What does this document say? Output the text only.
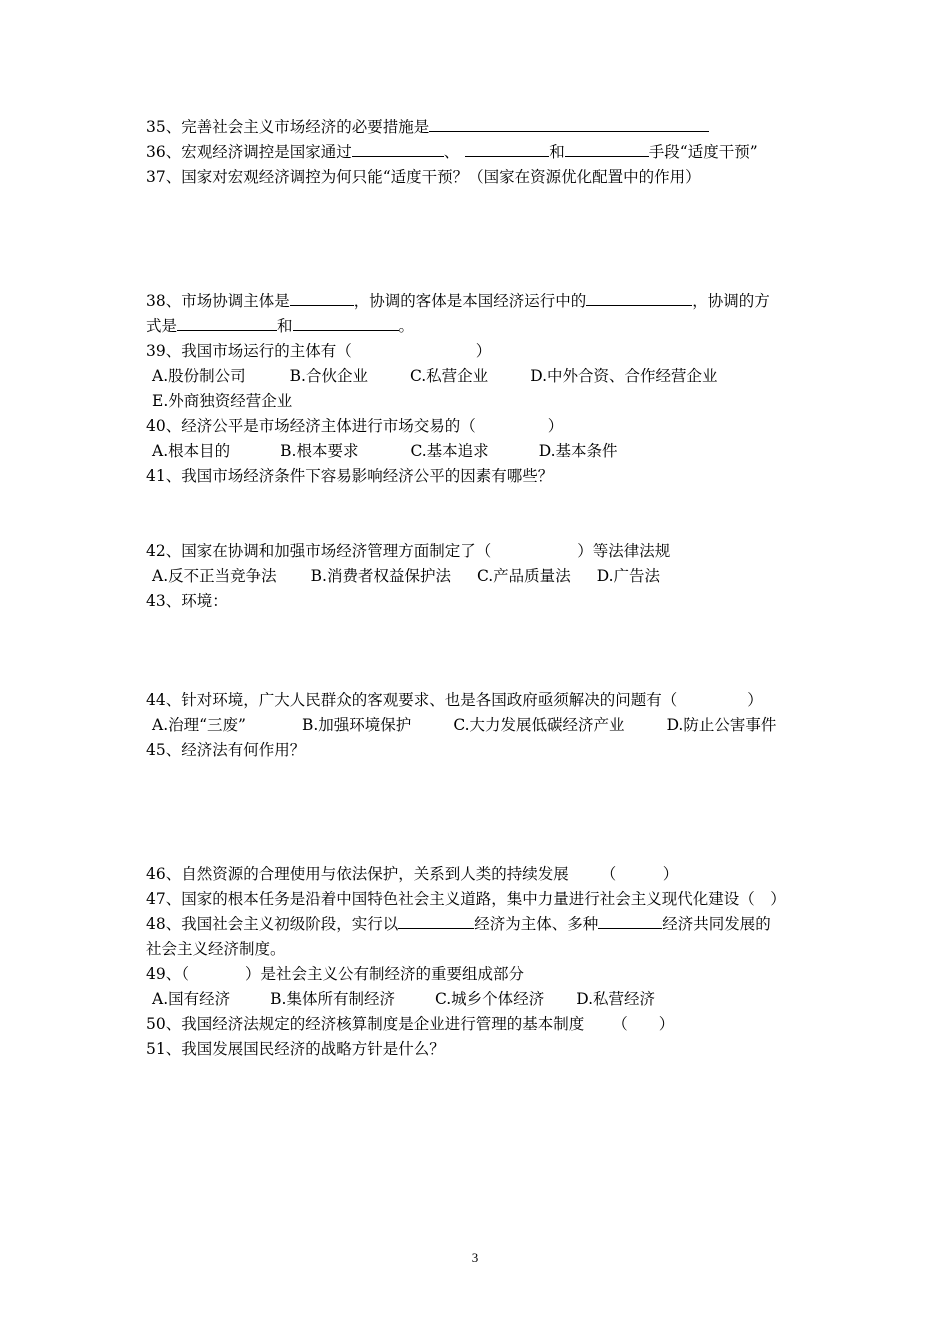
35、完善社会主义市场经济的必要措施是
36、宏观经济调控是国家通过	、	和	手段“适度干预”
37、国家对宏观经济调控为何只能“适度干预？（国家在资源优化配置中的作用）
38、市场协调主体是	，协调的客体是本国经济运行中的	，协调的方
式是	和	。
39、我国市场运行的主体有（	）
A.股份制公司	B.合伙企业	C.私营企业	D.中外合资、合作经营企业
E.外商独资经营企业
40、经济公平是市场经济主体进行市场交易的（	）
A.根本目的	B.根本要求	C.基本追求	D.基本条件
41、我国市场经济条件下容易影响经济公平的因素有哪些？
42、国家在协调和加强市场经济管理方面制定了（	）等法律法规
A.反不正当竞争法 B.消费者权益保护法 C.产品质量法 D.广告法
43、环境：
44、针对环境，广大人民群众的客观要求、也是各国政府亟须解决的问题有（	）
A.治理“三废”	B.加强环境保护	C.大力发展低碳经济产业	D.防止公害事件
45、经济法有何作用？
46、自然资源的合理使用与依法保护，关系到人类的持续发展 （　　　）
47、国家的根本任务是沿着中国特色社会主义道路，集中力量进行社会主义现代化建设（　）
48、我国社会主义初级阶段，实行以	经济为主体、多种	经济共同发展的
社会主义经济制度。
49、（	）是社会主义公有制经济的重要组成部分
A.国有经济	B.集体所有制经济	C.城乡个体经济 D.私营经济
50、我国经济法规定的经济核算制度是企业进行管理的基本制度 （　　）
51、我国发展国民经济的战略方针是什么？
3
